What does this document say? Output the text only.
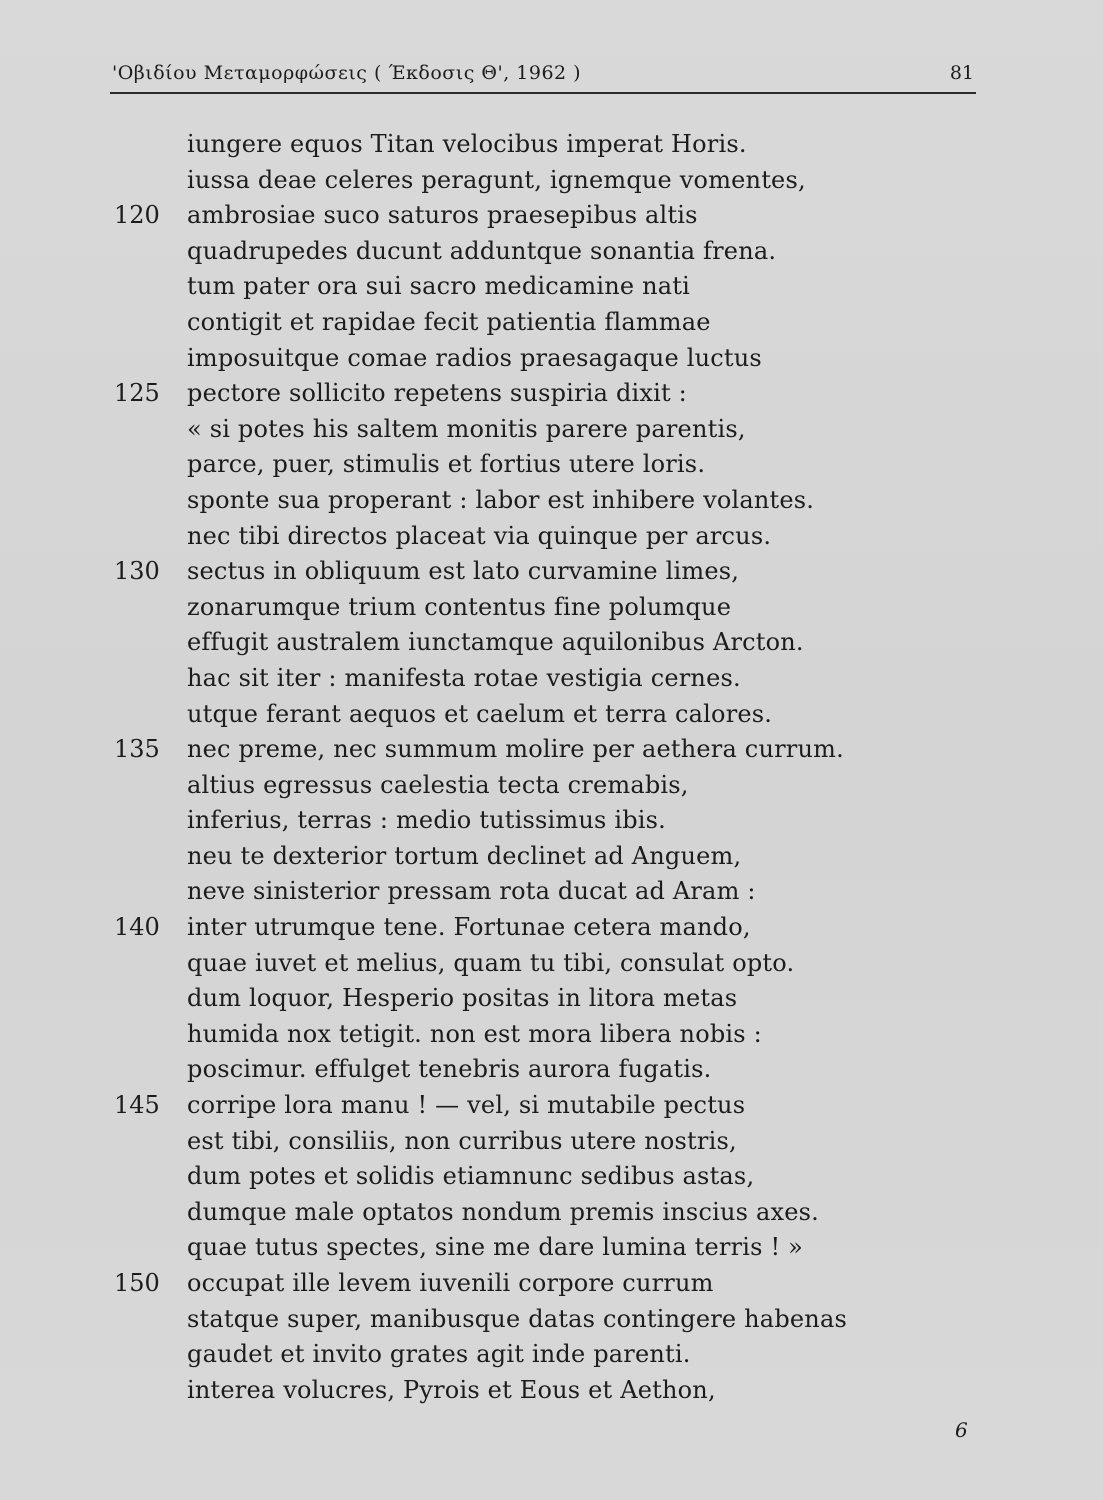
'Οβιδίου Μεταμορφώσεις ( Έκδοσις Θ', 1962 )	81
iungere equos Titan velocibus imperat Horis.
iussa deae celeres peragunt, ignemque vomentes,
120 ambrosiae suco saturos praesepibus altis
quadrupedes ducunt adduntque sonantia frena.
tum pater ora sui sacro medicamine nati
contigit et rapidae fecit patientia flammae
imposuitque comae radios praesagaque luctus
125 pectore sollicito repetens suspiria dixit :
« si potes his saltem monitis parere parentis,
parce, puer, stimulis et fortius utere loris.
sponte sua properant : labor est inhibere volantes.
nec tibi directos placeat via quinque per arcus.
130 sectus in obliquum est lato curvamine limes,
zonarumque trium contentus fine polumque
effugit australem iunctamque aquilonibus Arcton.
hac sit iter : manifesta rotae vestigia cernes.
utque ferant aequos et caelum et terra calores.
135 nec preme, nec summum molire per aethera currum.
altius egressus caelestia tecta cremabis,
inferius, terras : medio tutissimus ibis.
neu te dexterior tortum declinet ad Anguem,
neve sinisterior pressam rota ducat ad Aram :
140 inter utrumque tene. Fortunae cetera mando,
quae iuvet et melius, quam tu tibi, consulat opto.
dum loquor, Hesperio positas in litora metas
humida nox tetigit. non est mora libera nobis :
poscimur. effulget tenebris aurora fugatis.
145 corripe lora manu ! — vel, si mutabile pectus
est tibi, consiliis, non curribus utere nostris,
dum potes et solidis etiamnunc sedibus astas,
dumque male optatos nondum premis inscius axes.
quae tutus spectes, sine me dare lumina terris ! »
150 occupat ille levem iuvenili corpore currum
statque super, manibusque datas contingere habenas
gaudet et invito grates agit inde parenti.
interea volucres, Pyrois et Eous et Aethon,
6
